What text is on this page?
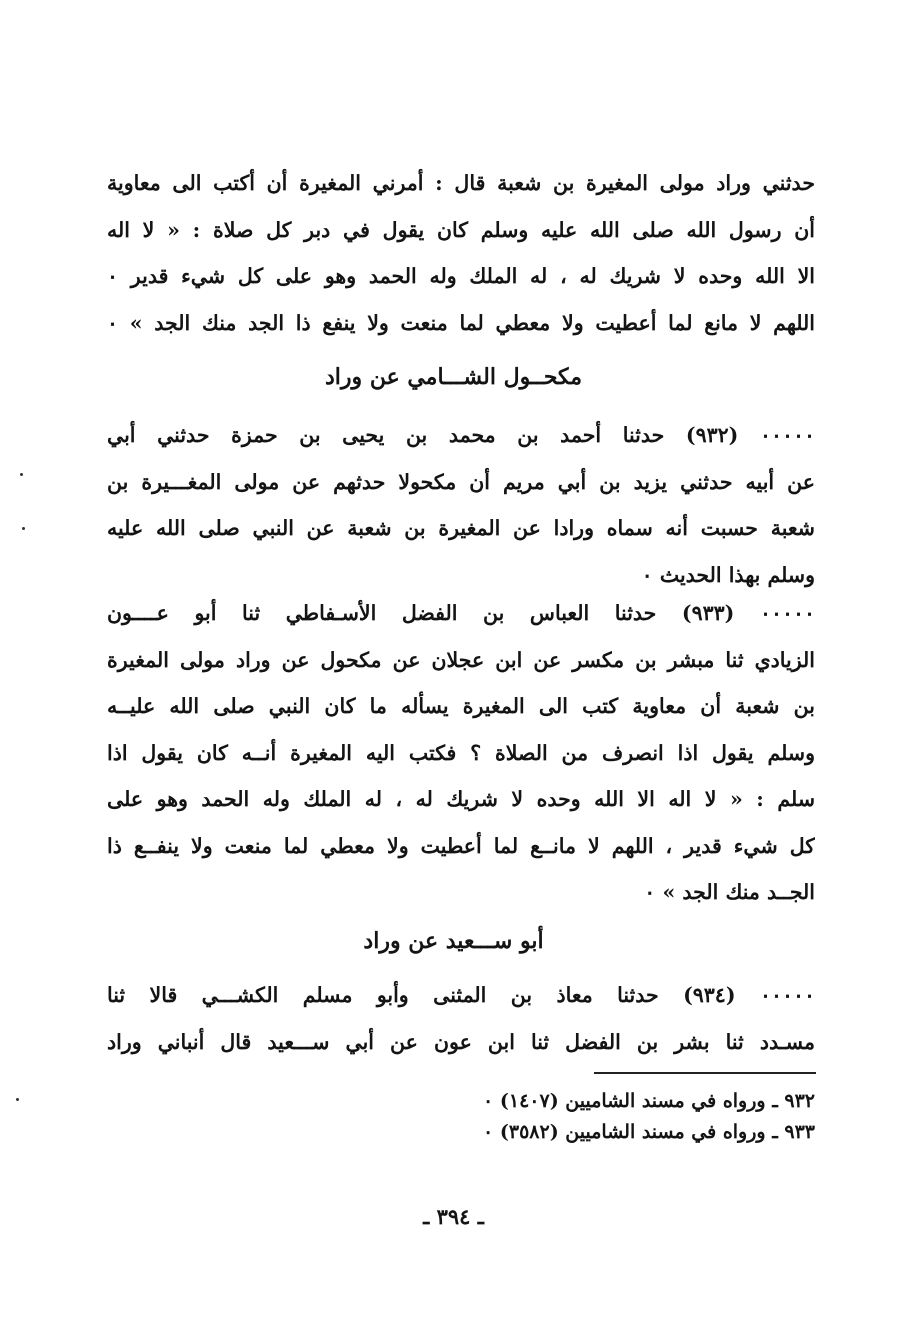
حدثني وراد مولى المغيرة بن شعبة قال : أمرني المغيرة أن أكتب الى معاوية
أن رسول الله صلى الله عليه وسلم كان يقول في دبر كل صلاة : « لا اله
الا الله وحده لا شريك له ، له الملك وله الحمد وهو على كل شيء قدير ٠
اللهم لا مانع لما أعطيت ولا معطي لما منعت ولا ينفع ذا الجد منك الجد » ٠
مكحــول الشـــامي عن وراد
٠٠٠٠٠ (٩٣٢) حدثنا أحمد بن محمد بن يحيى بن حمزة حدثني أبي
عن أبيه حدثني يزيد بن أبي مريم أن مكحولا حدثهم عن مولى المغـــيرة بن
شعبة حسبت أنه سماه ورادا عن المغيرة بن شعبة عن النبي صلى الله عليه
وسلم بهذا الحديث ٠
٠٠٠٠٠ (٩٣٣) حدثنا العباس بن الفضل الأسـفاطي ثنا أبو عــــون
الزيادي ثنا مبشر بن مكسر عن ابن عجلان عن مكحول عن وراد مولى المغيرة
بن شعبة أن معاوية كتب الى المغيرة يسأله ما كان النبي صلى الله عليــه
وسلم يقول اذا انصرف من الصلاة ؟ فكتب اليه المغيرة أنــه كان يقول اذا
سلم : « لا اله الا الله وحده لا شريك له ، له الملك وله الحمد وهو على
كل شيء قدير ، اللهم لا مانــع لما أعطيت ولا معطي لما منعت ولا ينفــع ذا
الجــد منك الجد » ٠
أبو ســـعيد عن وراد
٠٠٠٠٠ (٩٣٤) حدثنا معاذ بن المثنى وأبو مسلم الكشـــي قالا ثنا
مسـدد ثنا بشر بن الفضل ثنا ابن عون عن أبي ســـعيد قال أنباني وراد
٩٣٢ ـ ورواه في مسند الشاميين (١٤٠٧) ٠
٩٣٣ ـ ورواه في مسند الشاميين (٣٥٨٢) ٠
ـ ٣٩٤ ـ
